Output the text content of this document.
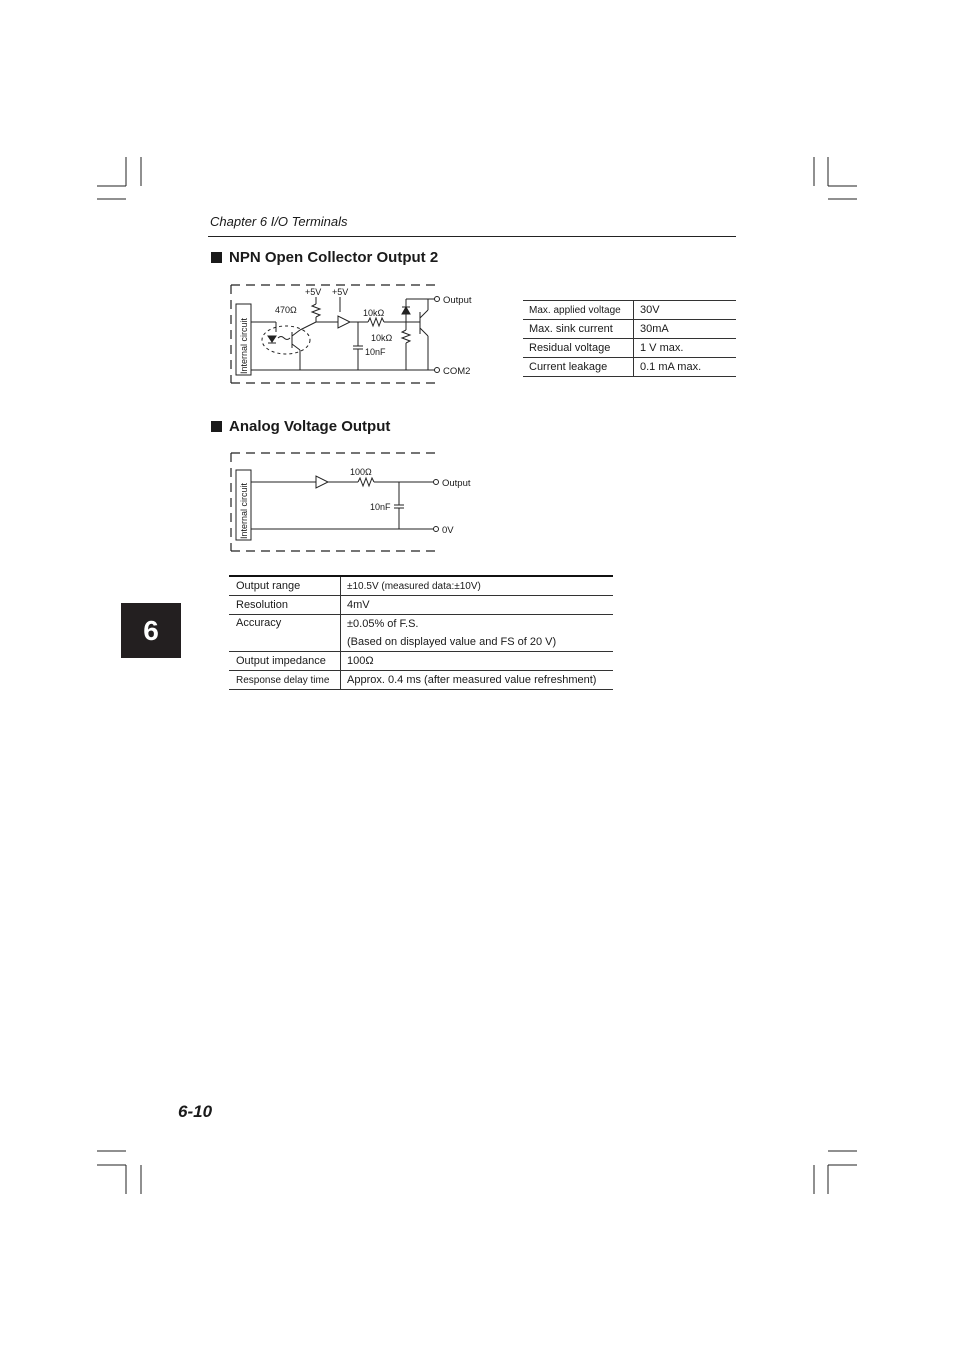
Chapter 6 I/O Terminals
NPN Open Collector Output 2
Internal circuit
+5V +5V
470Ω	10kΩ
10kΩ
10nF
Output
COM2
Max. applied voltage	30V
Max. sink current	30mA
Residual voltage	1 V max.
Current leakage	0.1 mA max.
Analog Voltage Output
Internal circuit
100Ω
10nF
Output
0V
Output range	±10.5V (measured data:±10V)
Resolution	4mV
Accuracy	±0.05% of F.S.
(Based on displayed value and FS of 20 V)

Output impedance	100Ω
Response delay time	Approx. 0.4 ms (after measured value refreshment)
6
6-10
